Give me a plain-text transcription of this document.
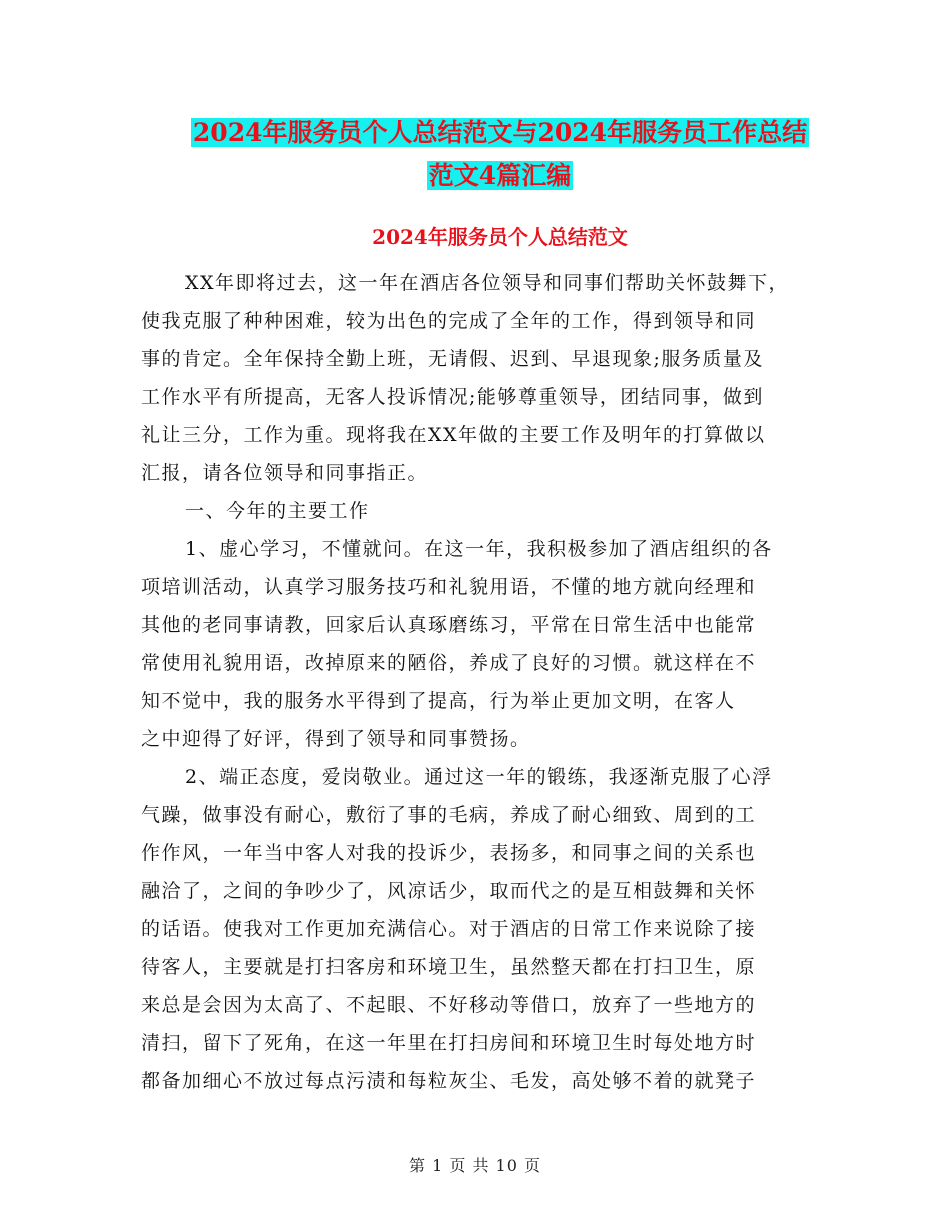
2024年服务员个人总结范文与2024年服务员工作总结
范文4篇汇编
2024年服务员个人总结范文
XX年即将过去，这一年在酒店各位领导和同事们帮助关怀鼓舞下，
使我克服了种种困难，较为出色的完成了全年的工作，得到领导和同
事的肯定。全年保持全勤上班，无请假、迟到、早退现象;服务质量及
工作水平有所提高，无客人投诉情况;能够尊重领导，团结同事，做到
礼让三分，工作为重。现将我在XX年做的主要工作及明年的打算做以
汇报，请各位领导和同事指正。
一、今年的主要工作
1、虚心学习，不懂就问。在这一年，我积极参加了酒店组织的各
项培训活动，认真学习服务技巧和礼貌用语，不懂的地方就向经理和
其他的老同事请教，回家后认真琢磨练习，平常在日常生活中也能常
常使用礼貌用语，改掉原来的陋俗，养成了良好的习惯。就这样在不
知不觉中，我的服务水平得到了提高，行为举止更加文明，在客人
之中迎得了好评，得到了领导和同事赞扬。
2、端正态度，爱岗敬业。通过这一年的锻练，我逐渐克服了心浮
气躁，做事没有耐心，敷衍了事的毛病，养成了耐心细致、周到的工
作作风，一年当中客人对我的投诉少，表扬多，和同事之间的关系也
融洽了，之间的争吵少了，风凉话少，取而代之的是互相鼓舞和关怀
的话语。使我对工作更加充满信心。对于酒店的日常工作来说除了接
待客人，主要就是打扫客房和环境卫生，虽然整天都在打扫卫生，原
来总是会因为太高了、不起眼、不好移动等借口，放弃了一些地方的
清扫，留下了死角，在这一年里在打扫房间和环境卫生时每处地方时
都备加细心不放过每点污渍和每粒灰尘、毛发，高处够不着的就凳子
第 1 页 共 10 页
